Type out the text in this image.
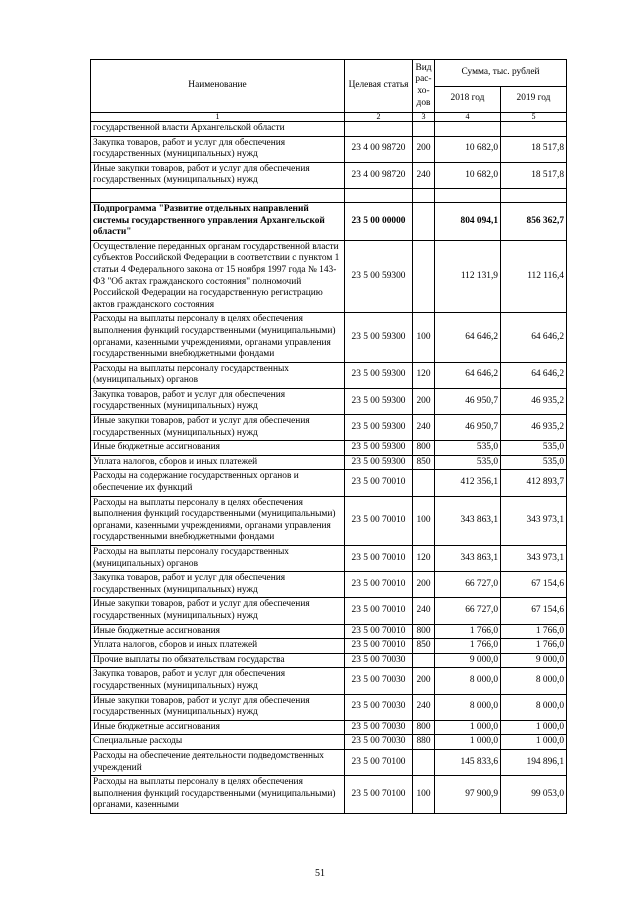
Наименование	Целевая статья	Вид рас-хо-дов	Сумма, тыс. рублей	
			2018 год	2019 год
1	2	3	4	5
государственной власти Архангельской области				
Закупка товаров, работ и услуг для обеспечения государственных (муниципальных) нужд	23 4 00 98720	200	10 682,0	18 517,8
Иные закупки товаров, работ и услуг для обеспечения государственных (муниципальных) нужд	23 4 00 98720	240	10 682,0	18 517,8

Подпрограмма "Развитие отдельных направлений системы государственного управления Архангельской области"	23 5 00 00000		804 094,1	856 362,7
Осуществление переданных органам государственной власти субъектов Российской Федерации в соответствии с пунктом 1 статьи 4 Федерального закона от 15 ноября 1997 года № 143-ФЗ "Об актах гражданского состояния" полномочий Российской Федерации на государственную регистрацию актов гражданского состояния	23 5 00 59300		112 131,9	112 116,4
Расходы на выплаты персоналу в целях обеспечения выполнения функций государственными (муниципальными) органами, казенными учреждениями, органами управления государственными внебюджетными фондами	23 5 00 59300	100	64 646,2	64 646,2
Расходы на выплаты персоналу государственных (муниципальных) органов	23 5 00 59300	120	64 646,2	64 646,2
Закупка товаров, работ и услуг для обеспечения государственных (муниципальных) нужд	23 5 00 59300	200	46 950,7	46 935,2
Иные закупки товаров, работ и услуг для обеспечения государственных (муниципальных) нужд	23 5 00 59300	240	46 950,7	46 935,2
Иные бюджетные ассигнования	23 5 00 59300	800	535,0	535,0
Уплата налогов, сборов и иных платежей	23 5 00 59300	850	535,0	535,0
Расходы на содержание государственных органов и обеспечение их функций	23 5 00 70010		412 356,1	412 893,7
Расходы на выплаты персоналу в целях обеспечения выполнения функций государственными (муниципальными) органами, казенными учреждениями, органами управления государственными внебюджетными фондами	23 5 00 70010	100	343 863,1	343 973,1
Расходы на выплаты персоналу государственных (муниципальных) органов	23 5 00 70010	120	343 863,1	343 973,1
Закупка товаров, работ и услуг для обеспечения государственных (муниципальных) нужд	23 5 00 70010	200	66 727,0	67 154,6
Иные закупки товаров, работ и услуг для обеспечения государственных (муниципальных) нужд	23 5 00 70010	240	66 727,0	67 154,6
Иные бюджетные ассигнования	23 5 00 70010	800	1 766,0	1 766,0
Уплата налогов, сборов и иных платежей	23 5 00 70010	850	1 766,0	1 766,0
Прочие выплаты по обязательствам государства	23 5 00 70030		9 000,0	9 000,0
Закупка товаров, работ и услуг для обеспечения государственных (муниципальных) нужд	23 5 00 70030	200	8 000,0	8 000,0
Иные закупки товаров, работ и услуг для обеспечения государственных (муниципальных) нужд	23 5 00 70030	240	8 000,0	8 000,0
Иные бюджетные ассигнования	23 5 00 70030	800	1 000,0	1 000,0
Специальные расходы	23 5 00 70030	880	1 000,0	1 000,0
Расходы на обеспечение деятельности подведомственных учреждений	23 5 00 70100		145 833,6	194 896,1
Расходы на выплаты персоналу в целях обеспечения выполнения функций государственными (муниципальными) органами, казенными	23 5 00 70100	100	97 900,9	99 053,0
51
